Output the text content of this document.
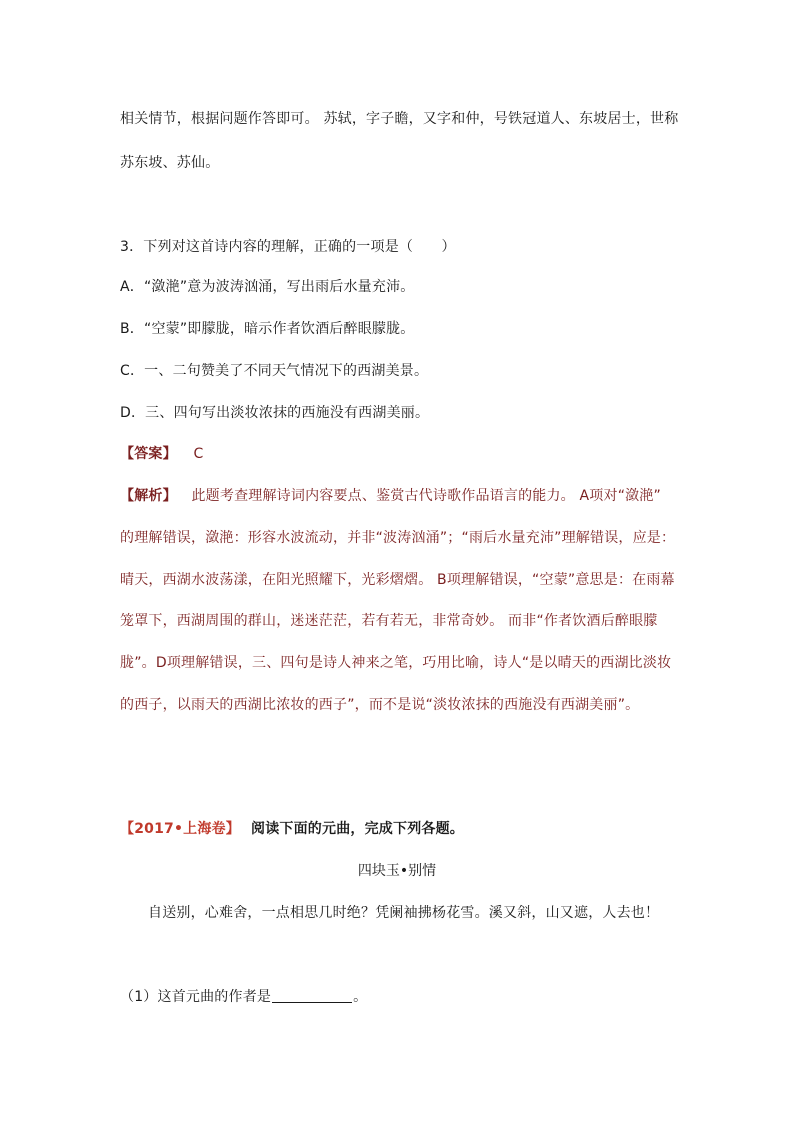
相关情节，根据问题作答即可。 苏轼，字子瞻，又字和仲，号铁冠道人、东坡居士，世称
苏东坡、苏仙。
3．下列对这首诗内容的理解，正确的一项是（　　）
A．“潋滟”意为波涛汹涌，写出雨后水量充沛。
B．“空蒙”即朦胧，暗示作者饮酒后醉眼朦胧。
C．一、二句赞美了不同天气情况下的西湖美景。
D．三、四句写出淡妆浓抹的西施没有西湖美丽。
【答案】 C
【解析】 此题考查理解诗词内容要点、鉴赏古代诗歌作品语言的能力。 A项对“潋滟”
的理解错误，潋滟：形容水波流动，并非“波涛汹涌”；“雨后水量充沛”理解错误，应是：
晴天，西湖水波荡漾，在阳光照耀下，光彩熠熠。 B项理解错误，“空蒙”意思是：在雨幕
笼罩下，西湖周围的群山，迷迷茫茫，若有若无，非常奇妙。 而非“作者饮酒后醉眼朦
胧”。D项理解错误，三、四句是诗人神来之笔，巧用比喻，诗人“是以晴天的西湖比淡妆
的西子，以雨天的西湖比浓妆的西子”，而不是说“淡妆浓抹的西施没有西湖美丽”。
【2017•上海卷】 阅读下面的元曲，完成下列各题。
四块玉•别情
自送别，心难舍，一点相思几时绝？凭阑袖拂杨花雪。溪又斜，山又遮，人去也！
（1）这首元曲的作者是	。
